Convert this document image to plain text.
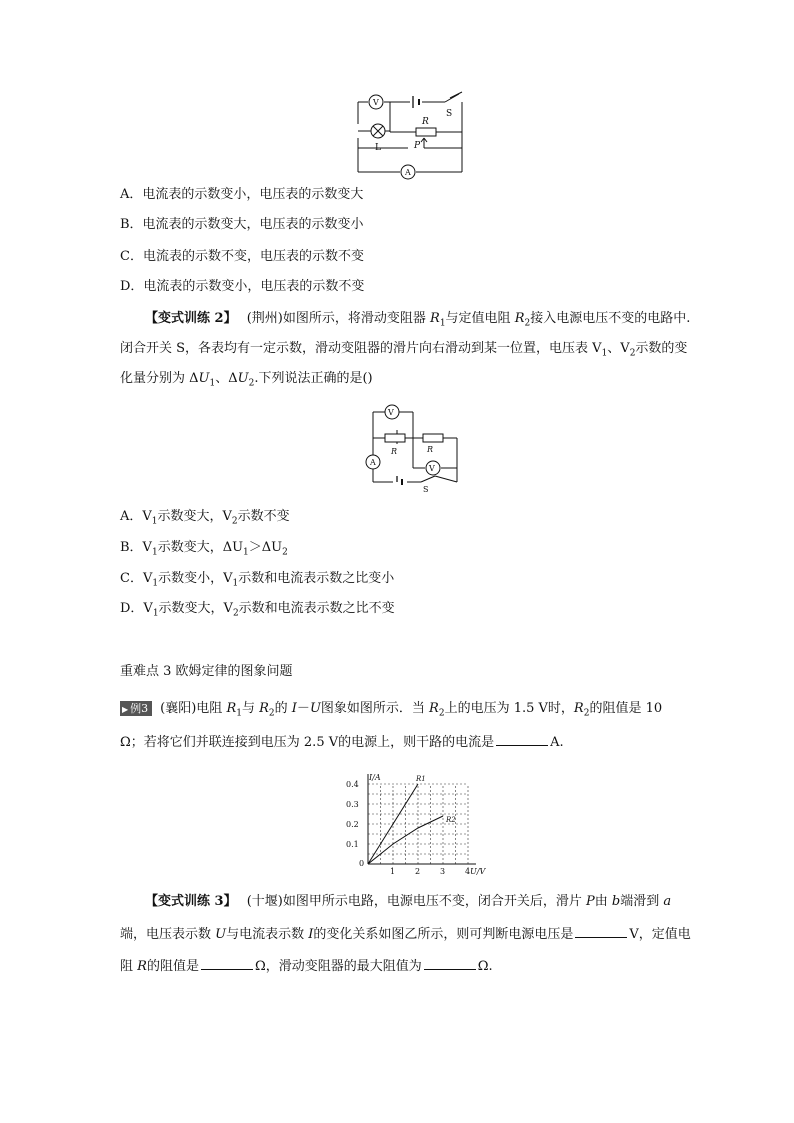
V
L
R
P
A
S
A．电流表的示数变小，电压表的示数变大
B．电流表的示数变大，电压表的示数变小
C．电流表的示数不变，电压表的示数不变
D．电流表的示数变小，电压表的示数不变
【变式训练 2】 (荆州)如图所示，将滑动变阻器 $R_1$与定值电阻 $R_2$接入电源电压不变的电路中.
闭合开关 S，各表均有一定示数，滑动变阻器的滑片向右滑动到某一位置，电压表 $V_1$、$V_2$示数的变
化量分别为 $\Delta U_1$、$\Delta U_2$.下列说法正确的是()
V
R	R
A
V
S
A．$V_1$示数变大，$V_2$示数不变
B．$V_1$示数变大，$\Delta U_1>\Delta U_2$
C．$V_1$示数变小，$V_1$示数和电流表示数之比变小
D．$V_1$示数变大，$V_2$示数和电流表示数之比不变
重难点 3 欧姆定律的图象问题
▶ 例3 (襄阳)电阻 $R_1$与 $R_2$的 I－U图象如图所示．当 $R_2$上的电压为 1.5 V时，$R_2$的阻值是 10
Ω；若将它们并联连接到电压为 2.5 V的电源上，则干路的电流是	A.
0
1 2 3 4
0.1
0.2
0.3
0.4
I/A
U/V
R1
R2
【变式训练 3】 (十堰)如图甲所示电路，电源电压不变，闭合开关后，滑片 P由 b端滑到 a
端，电压表示数 U与电流表示数 I的变化关系如图乙所示，则可判断电源电压是	V，定值电
阻 R的阻值是	Ω，滑动变阻器的最大阻值为	Ω.
